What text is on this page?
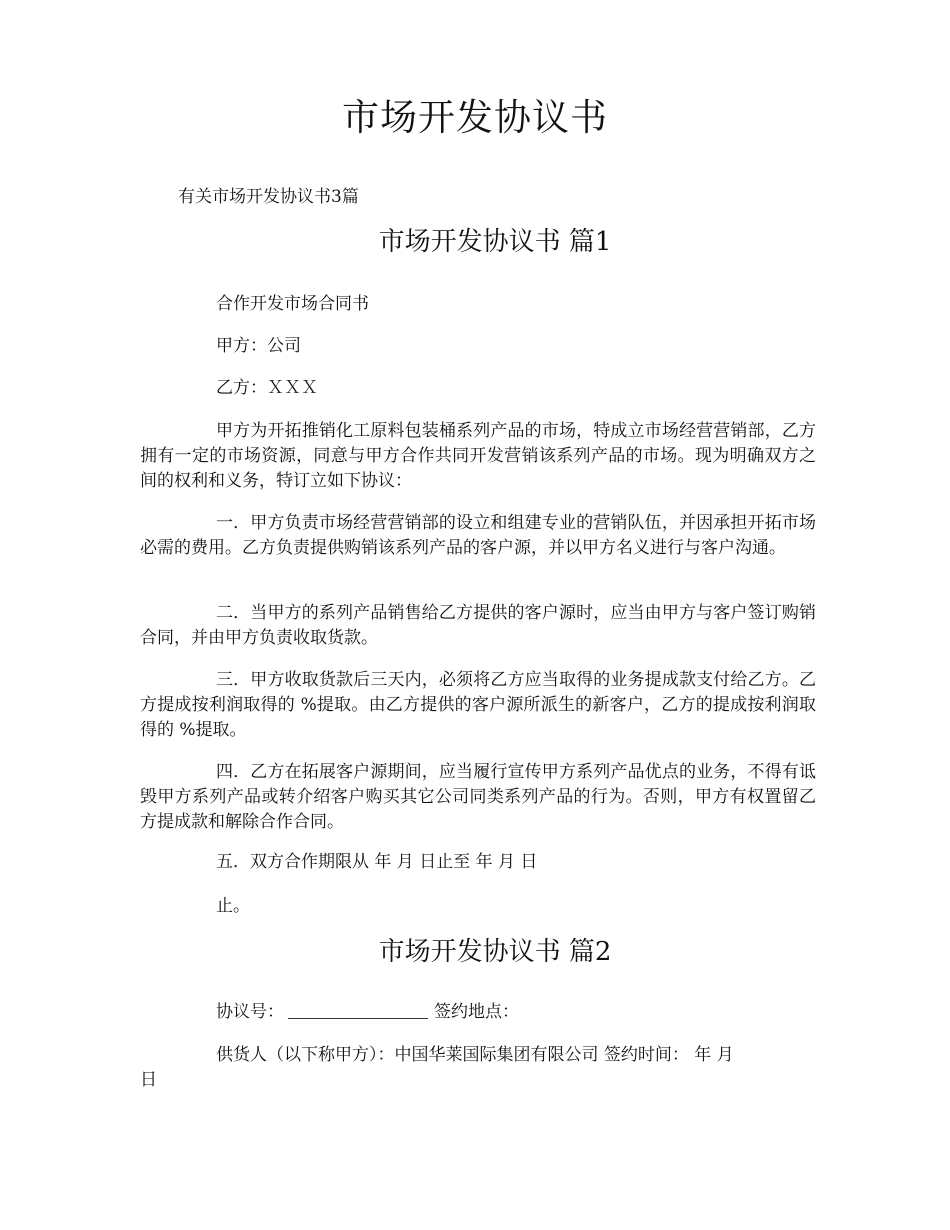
市场开发协议书
有关市场开发协议书3篇
市场开发协议书 篇1
合作开发市场合同书
甲方：公司
乙方：ＸＸＸ

甲方为开拓推销化工原料包装桶系列产品的市场，特成立市场经营营销部，乙方拥有一定的市场资源，同意与甲方合作共同开发营销该系列产品的市场。现为明确双方之间的权利和义务，特订立如下协议：

一．甲方负责市场经营营销部的设立和组建专业的营销队伍，并因承担开拓市场必需的费用。乙方负责提供购销该系列产品的客户源，并以甲方名义进行与客户沟通。

二．当甲方的系列产品销售给乙方提供的客户源时，应当由甲方与客户签订购销合同，并由甲方负责收取货款。

三．甲方收取货款后三天内，必须将乙方应当取得的业务提成款支付给乙方。乙方提成按利润取得的 %提取。由乙方提供的客户源所派生的新客户，乙方的提成按利润取得的 %提取。

四．乙方在拓展客户源期间，应当履行宣传甲方系列产品优点的业务，不得有诋毁甲方系列产品或转介绍客户购买其它公司同类系列产品的行为。否则，甲方有权置留乙方提成款和解除合作合同。

五．双方合作期限从 年 月 日止至 年 月 日
止。
市场开发协议书 篇2
协议号：	签约地点：
供货人（以下称甲方）：中国华莱国际集团有限公司 签约时间： 年 月
日
